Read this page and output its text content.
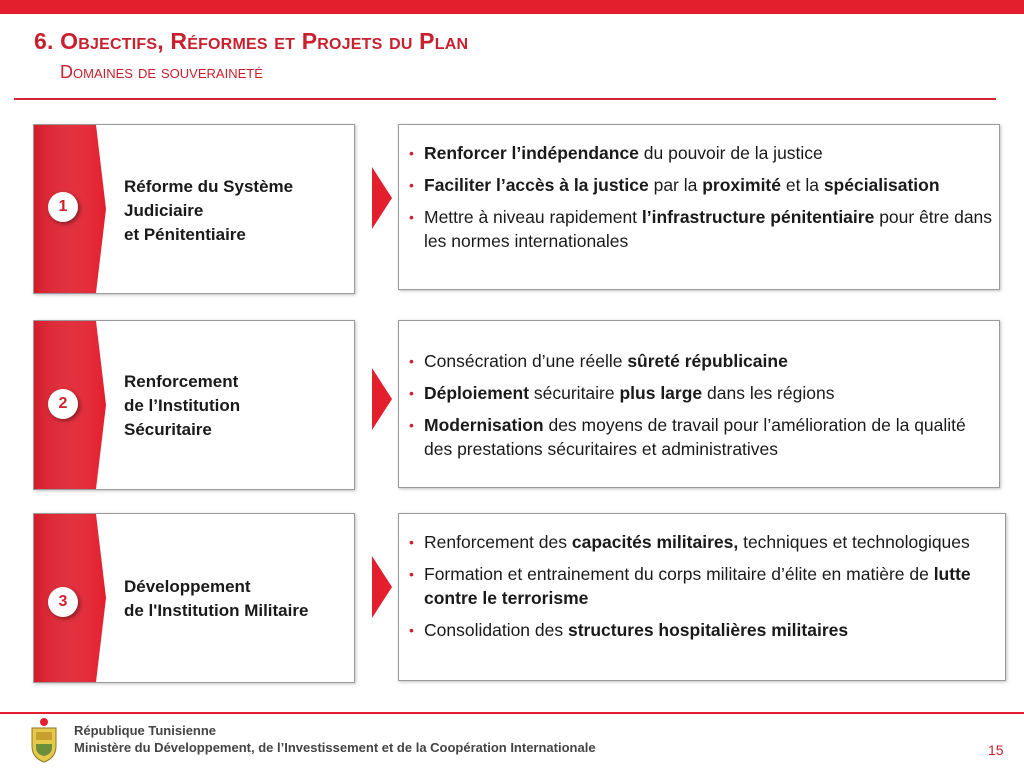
6. Objectifs, Réformes et Projets du Plan
Domaines de souveraineté
1
Réforme du Système
Judiciaire
et Pénitentiaire
• Renforcer l’indépendance du pouvoir de la justice
• Faciliter l’accès à la justice par la proximité et la spécialisation
• Mettre à niveau rapidement l’infrastructure pénitentiaire pour être dans les normes internationales
2
Renforcement
de l’Institution
Sécuritaire
• Consécration d’une réelle sûreté républicaine
• Déploiement sécuritaire plus large dans les régions
• Modernisation des moyens de travail pour l’amélioration de la qualité des prestations sécuritaires et administratives
3
Développement
de l'Institution Militaire
• Renforcement des capacités militaires, techniques et technologiques
• Formation et entrainement du corps militaire d’élite en matière de lutte contre le terrorisme
• Consolidation des structures hospitalières militaires
République Tunisienne
Ministère du Développement, de l’Investissement et de la Coopération Internationale	15
